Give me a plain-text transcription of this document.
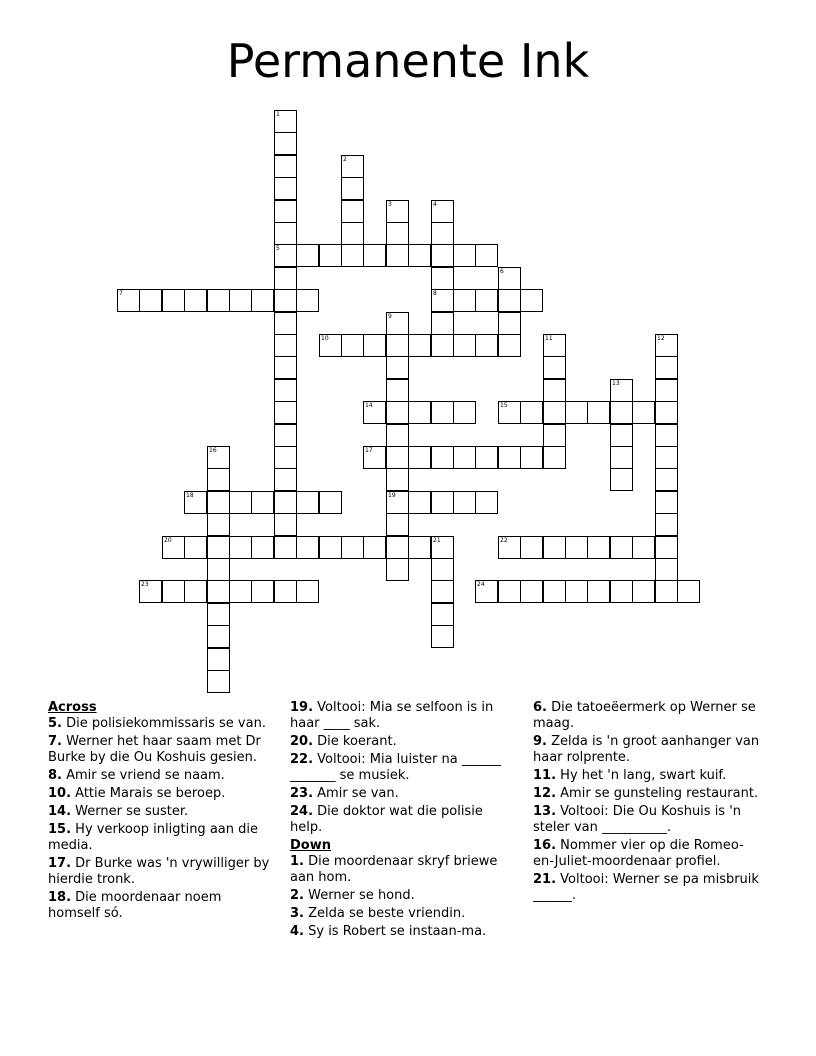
Permanente Ink
1
5
2
3	4
8
6
7
9
19
10	11	12
13
14	15
16	17
18
20	21	22
23	24
Across
5. Die polisiekommissaris se van.
7. Werner het haar saam met Dr Burke by die Ou Koshuis gesien.
8. Amir se vriend se naam.
10. Attie Marais se beroep.
14. Werner se suster.
15. Hy verkoop inligting aan die media.
17. Dr Burke was 'n vrywilliger by hierdie tronk.
18. Die moordenaar noem homself só.
19. Voltooi: Mia se selfoon is in haar ____ sak.
20. Die koerant.
22. Voltooi: Mia luister na ______ _______ se musiek.
23. Amir se van.
24. Die doktor wat die polisie help.
Down
1. Die moordenaar skryf briewe aan hom.
2. Werner se hond.
3. Zelda se beste vriendin.
4. Sy is Robert se instaan-ma.
6. Die tatoeëermerk op Werner se maag.
9. Zelda is 'n groot aanhanger van haar rolprente.
11. Hy het 'n lang, swart kuif.
12. Amir se gunsteling restaurant.
13. Voltooi: Die Ou Koshuis is 'n steler van __________.
16. Nommer vier op die Romeo-en-Juliet-moordenaar profiel.
21. Voltooi: Werner se pa misbruik ______.
